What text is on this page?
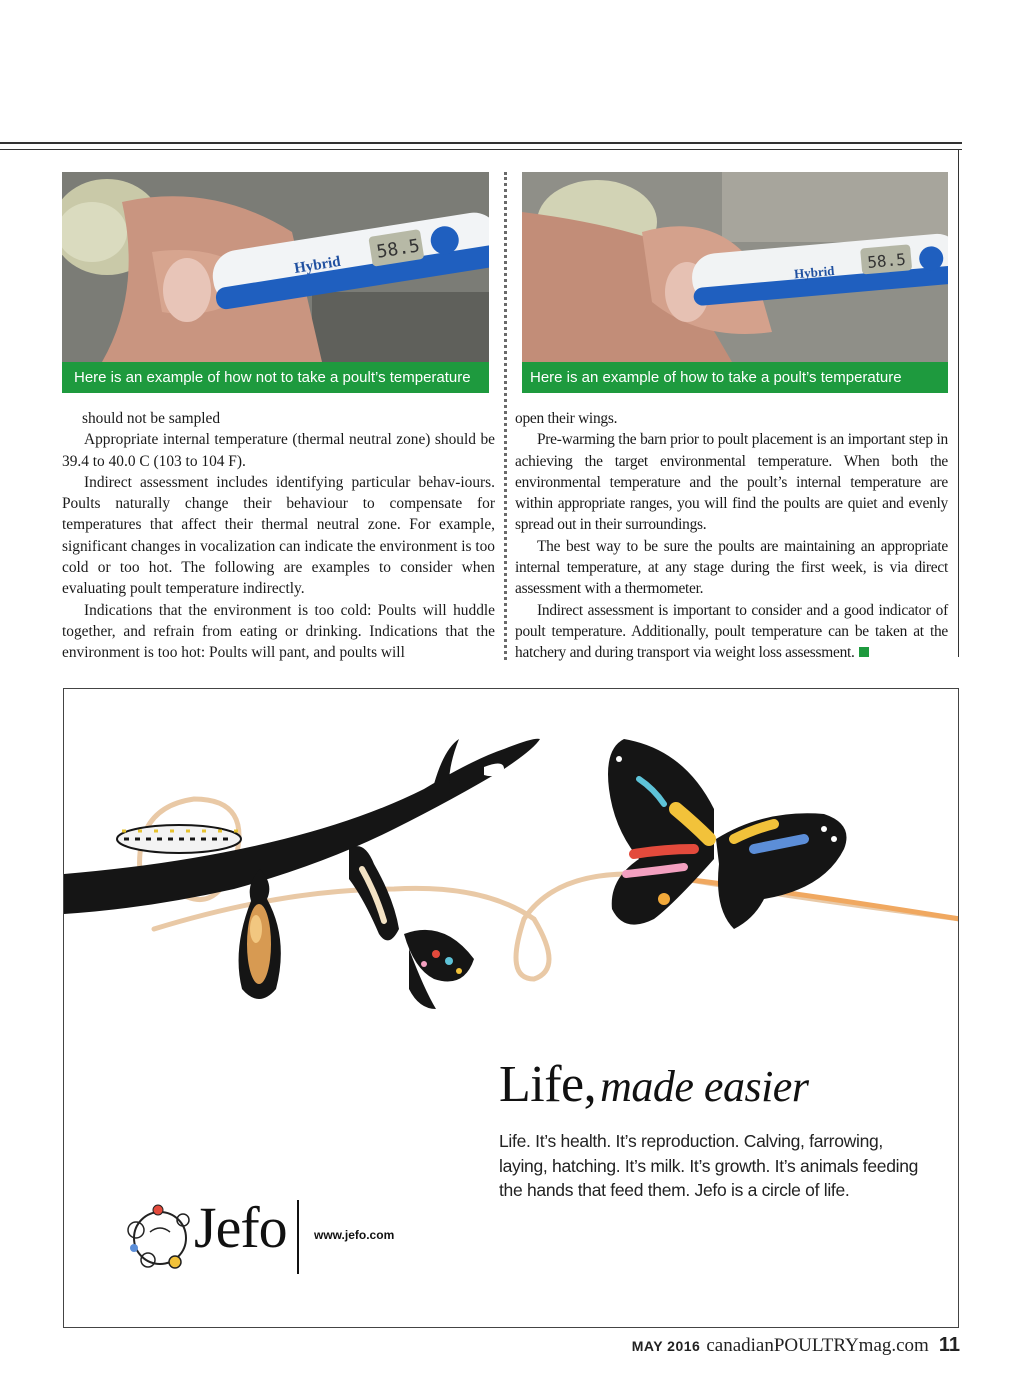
58.5
Hybrid
Here is an example of how not to take a poult’s temperature
58.5
Hybrid
Here is an example of how to take a poult’s temperature

should not be sampled

Appropriate internal temperature (thermal neutral zone) should be 39.4 to 40.0 C (103 to 104 F).

Indirect assessment includes identifying particular behav-iours. Poults naturally change their behaviour to compensate for temperatures that affect their thermal neutral zone. For example, significant changes in vocalization can indicate the environment is too cold or too hot. The following are examples to consider when evaluating poult temperature indirectly.

Indications that the environment is too cold: Poults will huddle together, and refrain from eating or drinking. Indications that the environment is too hot: Poults will pant, and poults will

open their wings.

Pre-warming the barn prior to poult placement is an important step in achieving the target environmental temperature. When both the environmental temperature and the poult’s internal temperature are within appropriate ranges, you will find the poults are quiet and evenly spread out in their surroundings.

The best way to be sure the poults are maintaining an appropriate internal temperature, at any stage during the first week, is via direct assessment with a thermometer.

Indirect assessment is important to consider and a good indicator of poult temperature. Additionally, poult temperature can be taken at the hatchery and during transport via weight loss assessment.

Life,made easier
Life. It’s health. It’s reproduction. Calving, farrowing, laying, hatching. It’s milk. It’s growth. It’s animals feeding the hands that feed them. Jefo is a circle of life.
Jefo www.jefo.com
MAY 2016 canadianPOULTRYmag.com 11
